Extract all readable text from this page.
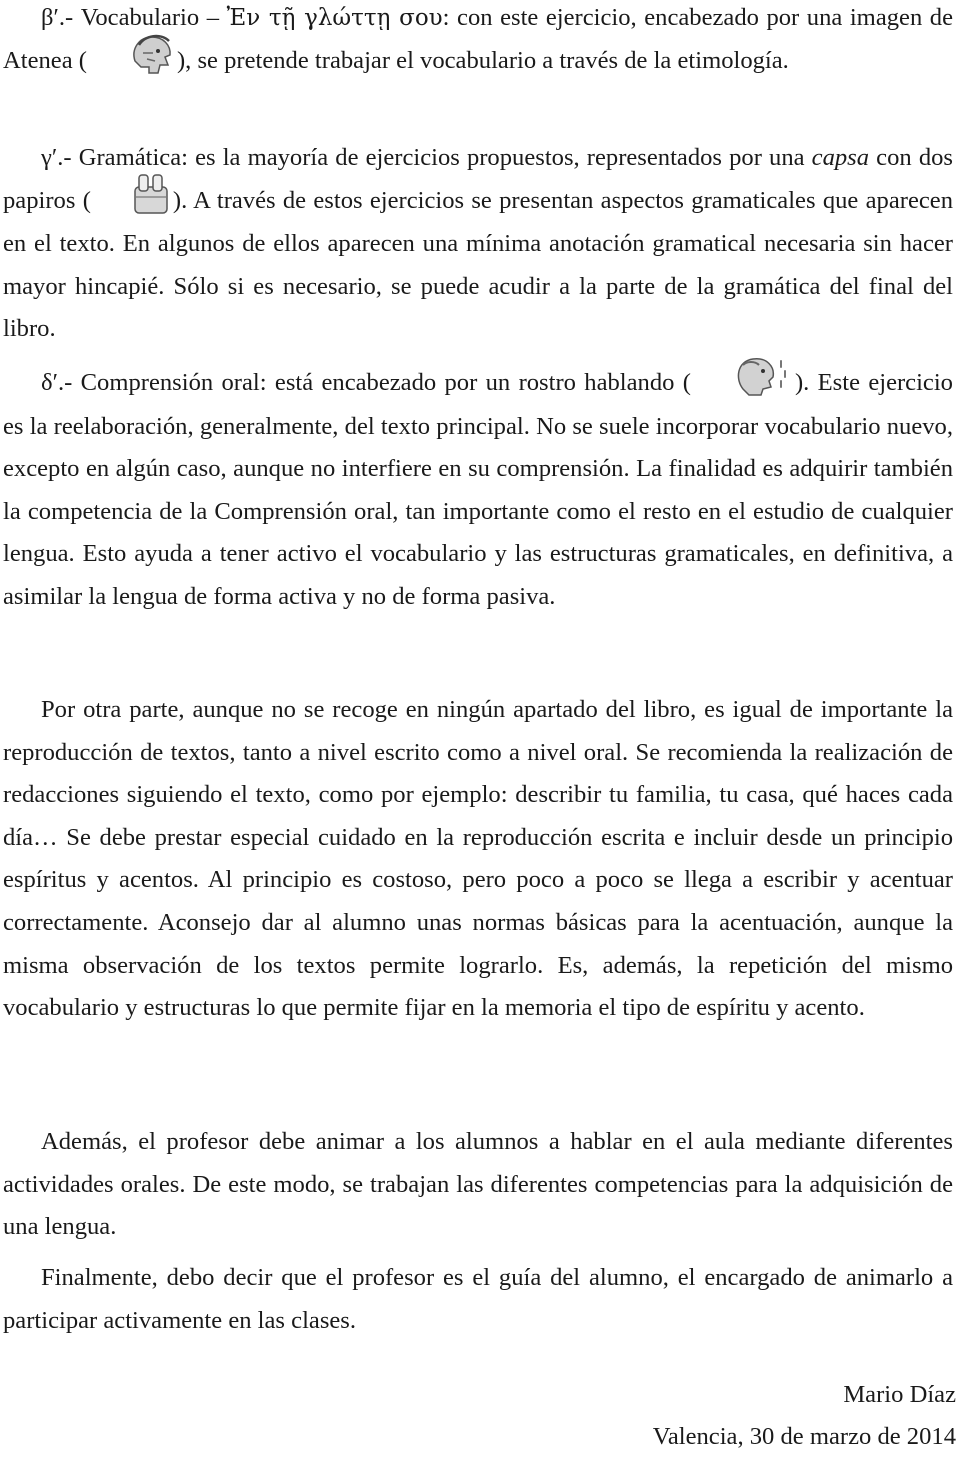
β′.- Vocabulario – Ἐν τῇ γλώττῃ σου: con este ejercicio, encabezado por una imagen de Atenea (	), se pretende trabajar el vocabulario a través de la etimología.

γ′.- Gramática: es la mayoría de ejercicios propuestos, representados por una capsa con dos papiros (	). A través de estos ejercicios se presentan aspectos gramaticales que aparecen en el texto. En algunos de ellos aparecen una mínima anotación gramatical necesaria sin hacer mayor hincapié. Sólo si es necesario, se puede acudir a la parte de la gramática del final del libro.

δ′.- Comprensión oral: está encabezado por un rostro hablando (	). Este ejercicio es la reelaboración, generalmente, del texto principal. No se suele incorporar vocabulario nuevo, excepto en algún caso, aunque no interfiere en su comprensión. La finalidad es adquirir también la competencia de la Comprensión oral, tan importante como el resto en el estudio de cualquier lengua. Esto ayuda a tener activo el vocabulario y las estructuras gramaticales, en definitiva, a asimilar la lengua de forma activa y no de forma pasiva.

Por otra parte, aunque no se recoge en ningún apartado del libro, es igual de importante la reproducción de textos, tanto a nivel escrito como a nivel oral. Se recomienda la realización de redacciones siguiendo el texto, como por ejemplo: describir tu familia, tu casa, qué haces cada día… Se debe prestar especial cuidado en la reproducción escrita e incluir desde un principio espíritus y acentos. Al principio es costoso, pero poco a poco se llega a escribir y acentuar correctamente. Aconsejo dar al alumno unas normas básicas para la acentuación, aunque la misma observación de los textos permite lograrlo. Es, además, la repetición del mismo vocabulario y estructuras lo que permite fijar en la memoria el tipo de espíritu y acento.

Además, el profesor debe animar a los alumnos a hablar en el aula mediante diferentes actividades orales. De este modo, se trabajan las diferentes competencias para la adquisición de una lengua.

Finalmente, debo decir que el profesor es el guía del alumno, el encargado de animarlo a participar activamente en las clases.

Mario Díaz
Valencia, 30 de marzo de 2014
